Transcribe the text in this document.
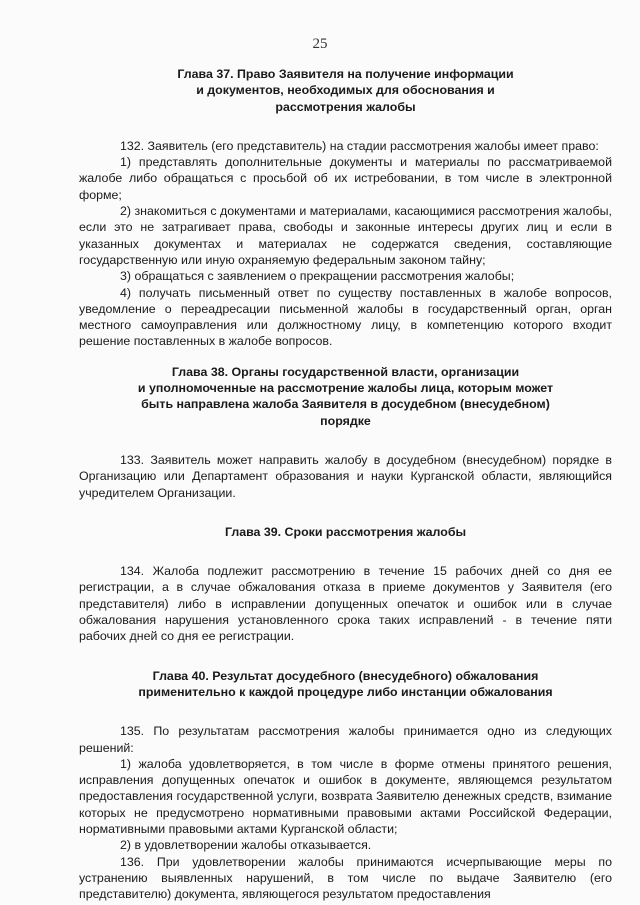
25

Глава 37. Право Заявителя на получение информации
и документов, необходимых для обоснования и
рассмотрения жалобы

132. Заявитель (его представитель) на стадии рассмотрения жалобы имеет право:

1) представлять дополнительные документы и материалы по рассматриваемой жалобе либо обращаться с просьбой об их истребовании, в том числе в электронной форме;

2) знакомиться с документами и материалами, касающимися рассмотрения жалобы, если это не затрагивает права, свободы и законные интересы других лиц и если в указанных документах и материалах не содержатся сведения, составляющие государственную или иную охраняемую федеральным законом тайну;

3) обращаться с заявлением о прекращении рассмотрения жалобы;

4) получать письменный ответ по существу поставленных в жалобе вопросов, уведомление о переадресации письменной жалобы в государственный орган, орган местного самоуправления или должностному лицу, в компетенцию которого входит решение поставленных в жалобе вопросов.

Глава 38. Органы государственной власти, организации
и уполномоченные на рассмотрение жалобы лица, которым может
быть направлена жалоба Заявителя в досудебном (внесудебном)
порядке

133. Заявитель может направить жалобу в досудебном (внесудебном) порядке в Организацию или Департамент образования и науки Курганской области, являющийся учредителем Организации.

Глава 39. Сроки рассмотрения жалобы

134. Жалоба подлежит рассмотрению в течение 15 рабочих дней со дня ее регистрации, а в случае обжалования отказа в приеме документов у Заявителя (его представителя) либо в исправлении допущенных опечаток и ошибок или в случае обжалования нарушения установленного срока таких исправлений - в течение пяти рабочих дней со дня ее регистрации.

Глава 40. Результат досудебного (внесудебного) обжалования
применительно к каждой процедуре либо инстанции обжалования

135. По результатам рассмотрения жалобы принимается одно из следующих решений:

1) жалоба удовлетворяется, в том числе в форме отмены принятого решения, исправления допущенных опечаток и ошибок в документе, являющемся результатом предоставления государственной услуги, возврата Заявителю денежных средств, взимание которых не предусмотрено нормативными правовыми актами Российской Федерации, нормативными правовыми актами Курганской области;

2) в удовлетворении жалобы отказывается.

136. При удовлетворении жалобы принимаются исчерпывающие меры по устранению выявленных нарушений, в том числе по выдаче Заявителю (его представителю) документа, являющегося результатом предоставления
